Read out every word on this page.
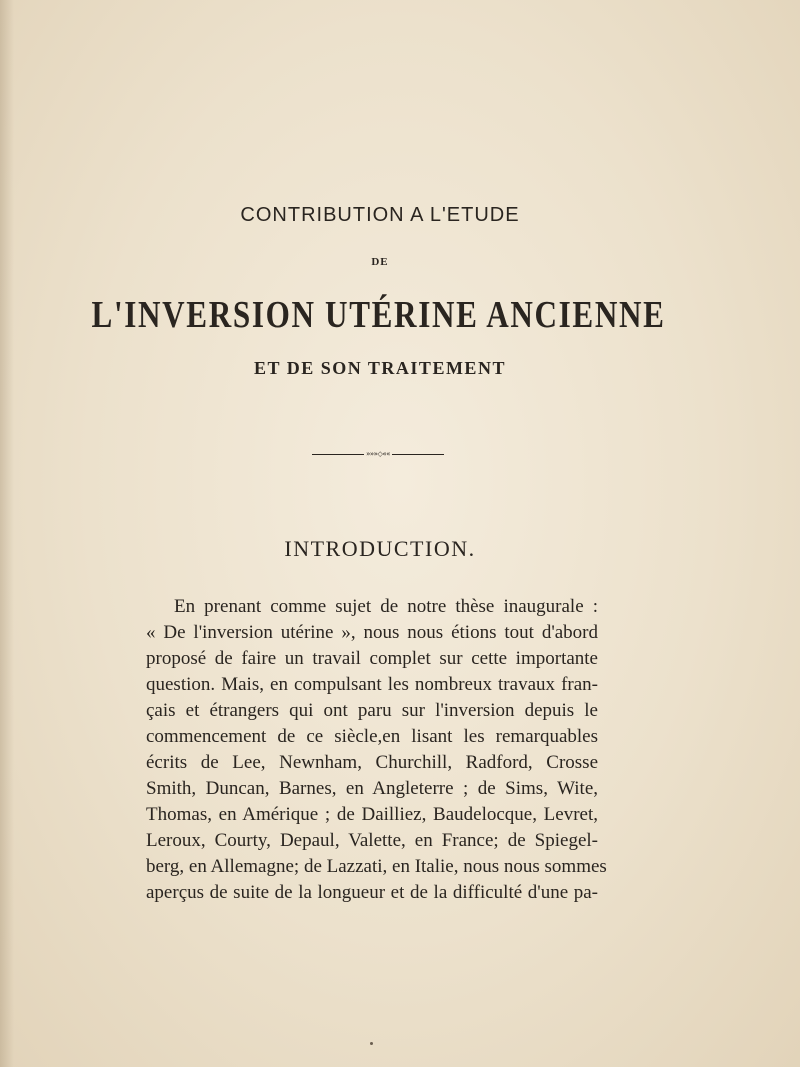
CONTRIBUTION A L'ETUDE
DE
L'INVERSION UTÉRINE ANCIENNE
ET DE SON TRAITEMENT
»»»◇««
INTRODUCTION.
En prenant comme sujet de notre thèse inaugurale :
« De l'inversion utérine », nous nous étions tout d'abord
proposé de faire un travail complet sur cette importante
question. Mais, en compulsant les nombreux travaux fran-
çais et étrangers qui ont paru sur l'inversion depuis le
commencement de ce siècle,en lisant les remarquables
écrits de Lee, Newnham, Churchill, Radford, Crosse
Smith, Duncan, Barnes, en Angleterre ; de Sims, Wite,
Thomas, en Amérique ; de Dailliez, Baudelocque, Levret,
Leroux, Courty, Depaul, Valette, en France; de Spiegel-
berg, en Allemagne; de Lazzati, en Italie, nous nous sommes
aperçus de suite de la longueur et de la difficulté d'une pa-
